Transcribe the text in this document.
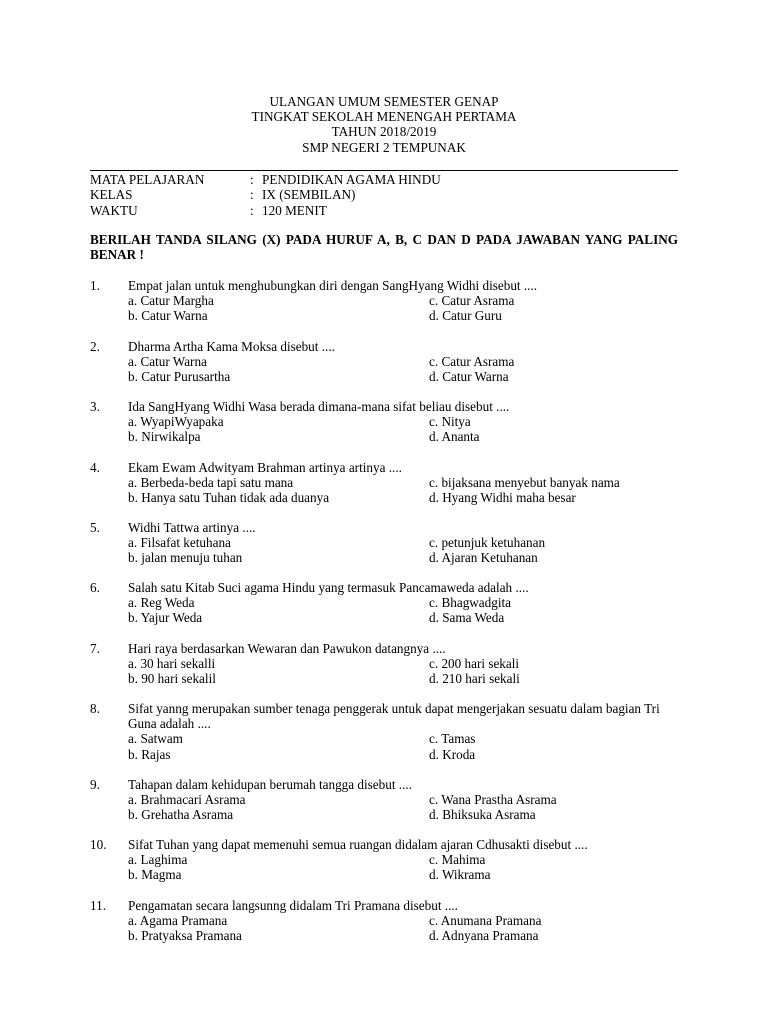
ULANGAN UMUM SEMESTER GENAP
TINGKAT SEKOLAH MENENGAH PERTAMA
TAHUN 2018/2019
SMP NEGERI 2 TEMPUNAK
MATA PELAJARAN	: PENDIDIKAN AGAMA HINDU
KELAS	: IX (SEMBILAN)
WAKTU	: 120 MENIT
BERILAH TANDA SILANG (X) PADA HURUF A, B, C DAN D PADA JAWABAN YANG PALING BENAR !
1. Empat jalan untuk menghubungkan diri dengan SangHyang Widhi disebut ....
a. Catur Margha
b. Catur Warna
c. Catur Asrama
d. Catur Guru
2. Dharma Artha Kama Moksa disebut ....
a. Catur Warna
b. Catur Purusartha
c. Catur Asrama
d. Catur Warna
3. Ida SangHyang Widhi Wasa berada dimana-mana sifat beliau disebut ....
a. WyapiWyapaka
b. Nirwikalpa
c. Nitya
d. Ananta
4. Ekam Ewam Adwityam Brahman artinya artinya ....
a. Berbeda-beda tapi satu mana
b. Hanya satu Tuhan tidak ada duanya
c. bijaksana menyebut banyak nama
d. Hyang Widhi maha besar
5. Widhi Tattwa artinya ....
a. Filsafat ketuhana
b. jalan menuju tuhan
c. petunjuk ketuhanan
d. Ajaran Ketuhanan
6. Salah satu Kitab Suci agama Hindu yang termasuk Pancamaweda adalah ....
a. Reg Weda
b. Yajur Weda
c. Bhagwadgita
d. Sama Weda
7. Hari raya berdasarkan Wewaran dan Pawukon datangnya ....
a. 30 hari sekalli
b. 90 hari sekalil
c. 200 hari sekali
d. 210 hari sekali
8. Sifat yanng merupakan sumber tenaga penggerak untuk dapat mengerjakan sesuatu dalam bagian Tri Guna adalah ....
a. Satwam
b. Rajas
c. Tamas
d. Kroda
9. Tahapan dalam kehidupan berumah tangga disebut ....
a. Brahmacari Asrama
b. Grehatha Asrama
c. Wana Prastha Asrama
d. Bhiksuka Asrama
10. Sifat Tuhan yang dapat memenuhi semua ruangan didalam ajaran Cdhusakti disebut ....
a. Laghima
b. Magma
c. Mahima
d. Wikrama
11. Pengamatan secara langsunng didalam Tri Pramana disebut ....
a. Agama Pramana
b. Pratyaksa Pramana
c. Anumana Pramana
d. Adnyana Pramana
